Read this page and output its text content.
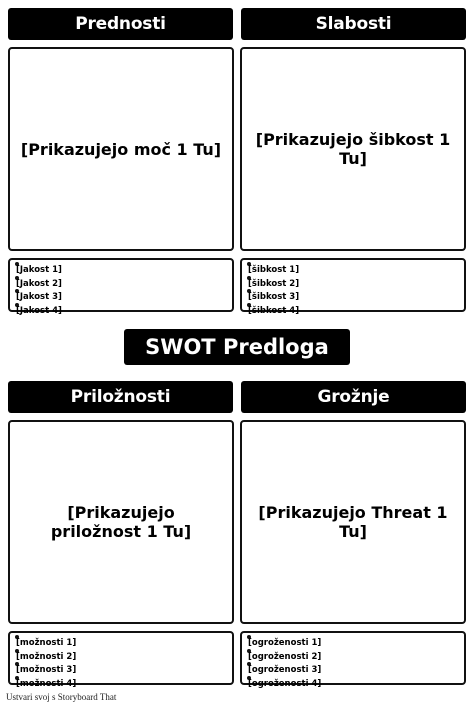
Prednosti
[Prikazujejo moč 1 Tu]
[Jakost 1]
[Jakost 2]
[Jakost 3]
[Jakost 4]
Slabosti
[Prikazujejo šibkost 1 Tu]
[šibkost 1]
[šibkost 2]
[šibkost 3]
[šibkost 4]
SWOT Predloga
Priložnosti
[Prikazujejo priložnost 1 Tu]
[možnosti 1]
[možnosti 2]
[možnosti 3]
[možnosti 4]
Grožnje
[Prikazujejo Threat 1 Tu]
[ogroženosti 1]
[ogroženosti 2]
[ogroženosti 3]
[ogroženosti 4]
Ustvari svoj s Storyboard That
